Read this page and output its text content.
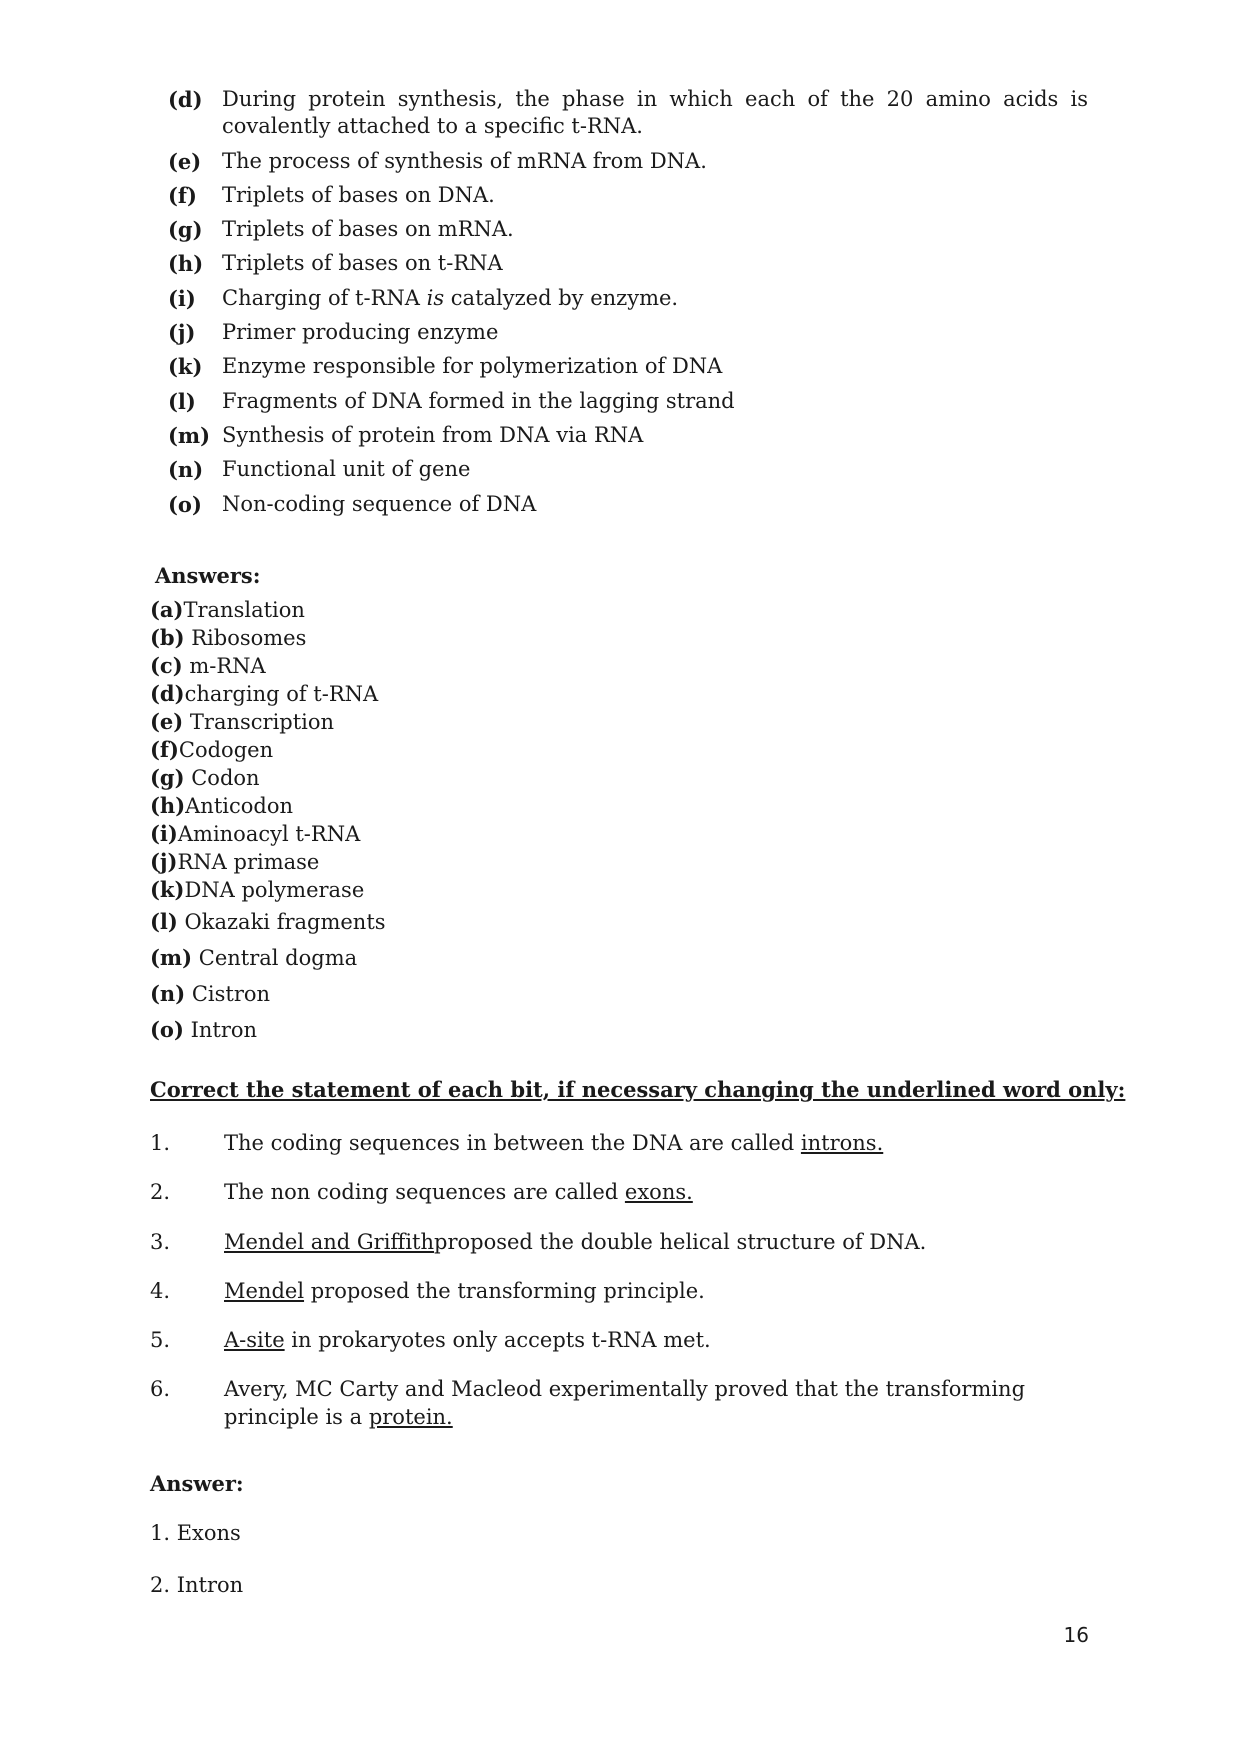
(d) During protein synthesis, the phase in which each of the 20 amino acids is covalently attached to a specific t-RNA.
(e) The process of synthesis of mRNA from DNA.
(f)	Triplets of bases on DNA.
(g) Triplets of bases on mRNA.
(h) Triplets of bases on t-RNA
(i)	Charging of t-RNA is catalyzed by enzyme.
(j)	Primer producing enzyme
(k) Enzyme responsible for polymerization of DNA
(l)	Fragments of DNA formed in the lagging strand
(m) Synthesis of protein from DNA via RNA
(n) Functional unit of gene
(o) Non-coding sequence of DNA
Answers:
(a)Translation
(b) Ribosomes
(c) m-RNA
(d)charging of t-RNA
(e) Transcription
(f)Codogen
(g) Codon
(h)Anticodon
(i)Aminoacyl t-RNA
(j)RNA primase
(k)DNA polymerase
(l) Okazaki fragments
(m) Central dogma
(n) Cistron
(o) Intron
Correct the statement of each bit, if necessary changing the underlined word only:
1.	The coding sequences in between the DNA are called introns.
2.	The non coding sequences are called exons.
3.	Mendel and Griffithproposed the double helical structure of DNA.
4.	Mendel proposed the transforming principle.
5.	A-site in prokaryotes only accepts t-RNA met.
6.	Avery, MC Carty and Macleod experimentally proved that the transforming principle is a protein.
Answer:
1. Exons
2. Intron
16
